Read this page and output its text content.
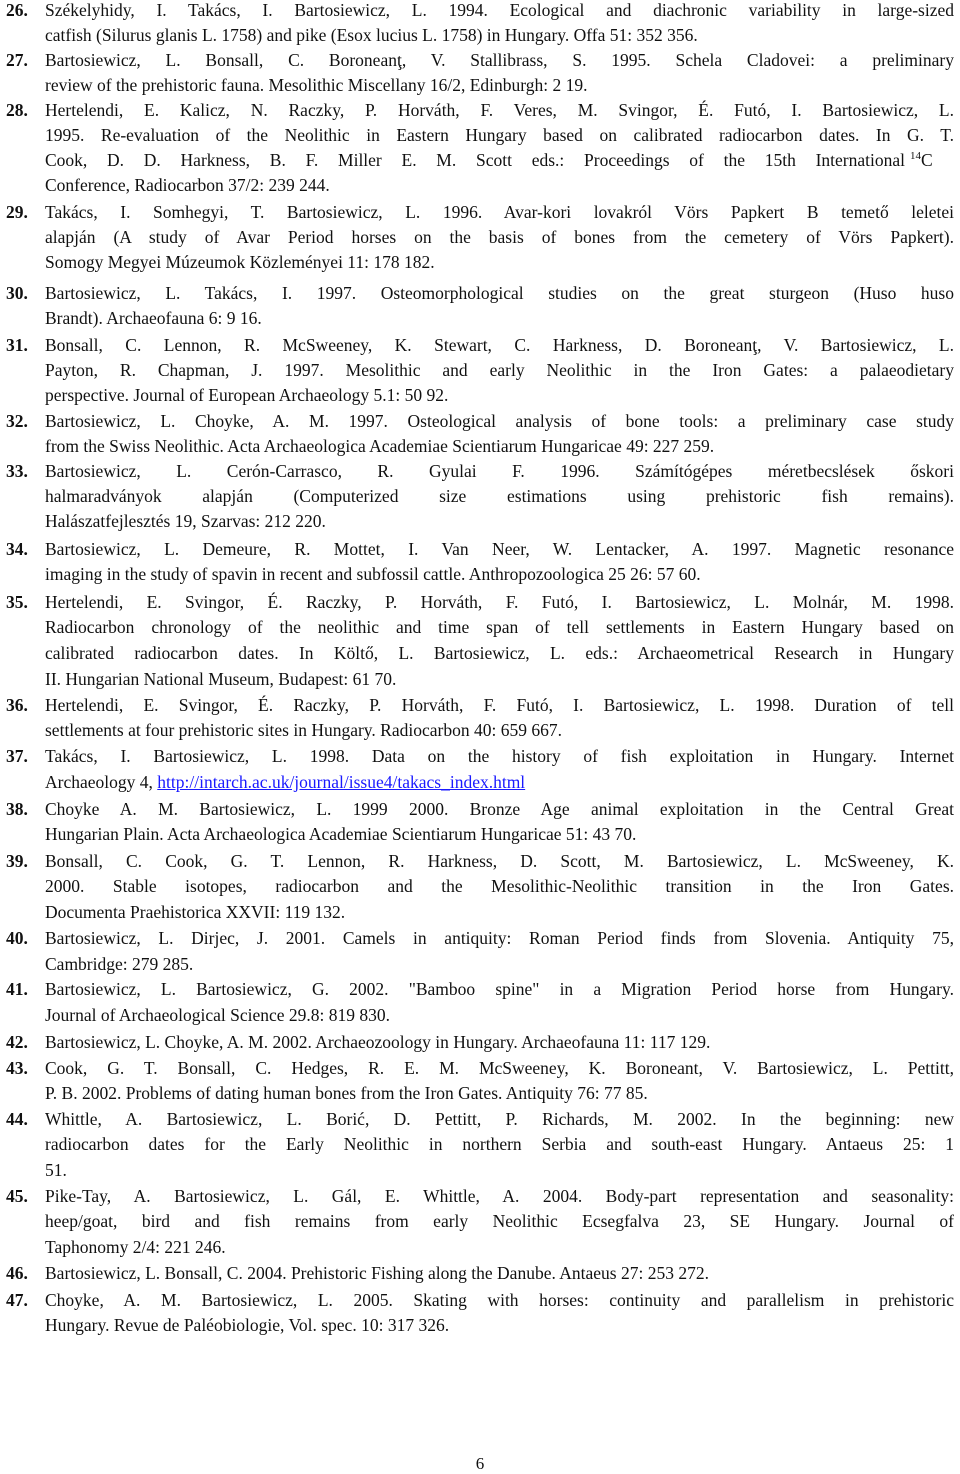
26. Székelyhidy, I. Takács, I. Bartosiewicz, L. 1994. Ecological and diachronic variability in large-sized
catfish (Silurus glanis L. 1758) and pike (Esox lucius L. 1758) in Hungary. Offa 51: 352 356.
27. Bartosiewicz, L. Bonsall, C. Boroneanţ, V. Stallibrass, S. 1995. Schela Cladovei: a preliminary
review of the prehistoric fauna. Mesolithic Miscellany 16/2, Edinburgh: 2 19.
28. Hertelendi, E. Kalicz, N. Raczky, P. Horváth, F. Veres, M. Svingor, É. Futó, I. Bartosiewicz, L.
1995. Re-evaluation of the Neolithic in Eastern Hungary based on calibrated radiocarbon dates. In G. T.
Cook, D. D. Harkness, B. F. Miller E. M. Scott eds.: Proceedings of the 15th International $^{14}$C
Conference, Radiocarbon 37/2: 239 244.
29. Takács, I. Somhegyi, T. Bartosiewicz, L. 1996. Avar-kori lovakról Vörs Papkert B temető leletei
alapján (A study of Avar Period horses on the basis of bones from the cemetery of Vörs Papkert).
Somogy Megyei Múzeumok Közleményei 11: 178 182.
30. Bartosiewicz, L. Takács, I. 1997. Osteomorphological studies on the great sturgeon (Huso huso
Brandt). Archaeofauna 6: 9 16.
31. Bonsall, C. Lennon, R. McSweeney, K. Stewart, C. Harkness, D. Boroneanţ, V. Bartosiewicz, L.
Payton, R. Chapman, J. 1997. Mesolithic and early Neolithic in the Iron Gates: a palaeodietary
perspective. Journal of European Archaeology 5.1: 50 92.
32. Bartosiewicz, L. Choyke, A. M. 1997. Osteological analysis of bone tools: a preliminary case study
from the Swiss Neolithic. Acta Archaeologica Academiae Scientiarum Hungaricae 49: 227 259.
33. Bartosiewicz, L. Cerón-Carrasco, R. Gyulai F. 1996. Számítógépes méretbecslések őskori
halmaradványok alapján (Computerized size estimations using prehistoric fish remains).
Halászatfejlesztés 19, Szarvas: 212 220.
34. Bartosiewicz, L. Demeure, R. Mottet, I. Van Neer, W. Lentacker, A. 1997. Magnetic resonance
imaging in the study of spavin in recent and subfossil cattle. Anthropozoologica 25 26: 57 60.
35. Hertelendi, E. Svingor, É. Raczky, P. Horváth, F. Futó, I. Bartosiewicz, L. Molnár, M. 1998.
Radiocarbon chronology of the neolithic and time span of tell settlements in Eastern Hungary based on
calibrated radiocarbon dates. In Költő, L. Bartosiewicz, L. eds.: Archaeometrical Research in Hungary
II. Hungarian National Museum, Budapest: 61 70.
36. Hertelendi, E. Svingor, É. Raczky, P. Horváth, F. Futó, I. Bartosiewicz, L. 1998. Duration of tell
settlements at four prehistoric sites in Hungary. Radiocarbon 40: 659 667.
37. Takács, I. Bartosiewicz, L. 1998. Data on the history of fish exploitation in Hungary. Internet
Archaeology 4, http://intarch.ac.uk/journal/issue4/takacs_index.html
38. Choyke A. M. Bartosiewicz, L. 1999 2000. Bronze Age animal exploitation in the Central Great
Hungarian Plain. Acta Archaeologica Academiae Scientiarum Hungaricae 51: 43 70.
39. Bonsall, C. Cook, G. T. Lennon, R. Harkness, D. Scott, M. Bartosiewicz, L. McSweeney, K.
2000. Stable isotopes, radiocarbon and the Mesolithic-Neolithic transition in the Iron Gates.
Documenta Praehistorica XXVII: 119 132.
40. Bartosiewicz, L. Dirjec, J. 2001. Camels in antiquity: Roman Period finds from Slovenia. Antiquity 75,
Cambridge: 279 285.
41. Bartosiewicz, L. Bartosiewicz, G. 2002. "Bamboo spine" in a Migration Period horse from Hungary.
Journal of Archaeological Science 29.8: 819 830.
42. Bartosiewicz, L. Choyke, A. M. 2002. Archaeozoology in Hungary. Archaeofauna 11: 117 129.
43. Cook, G. T. Bonsall, C. Hedges, R. E. M. McSweeney, K. Boroneant, V. Bartosiewicz, L. Pettitt,
P. B. 2002. Problems of dating human bones from the Iron Gates. Antiquity 76: 77 85.
44. Whittle, A. Bartosiewicz, L. Borić, D. Pettitt, P. Richards, M. 2002. In the beginning: new
radiocarbon dates for the Early Neolithic in northern Serbia and south-east Hungary. Antaeus 25: 1
51.
45. Pike-Tay, A. Bartosiewicz, L. Gál, E. Whittle, A. 2004. Body-part representation and seasonality:
heep/goat, bird and fish remains from early Neolithic Ecsegfalva 23, SE Hungary. Journal of
Taphonomy 2/4: 221 246.
46. Bartosiewicz, L. Bonsall, C. 2004. Prehistoric Fishing along the Danube. Antaeus 27: 253 272.
47. Choyke, A. M. Bartosiewicz, L. 2005. Skating with horses: continuity and parallelism in prehistoric
Hungary. Revue de Paléobiologie, Vol. spec. 10: 317 326.
6
